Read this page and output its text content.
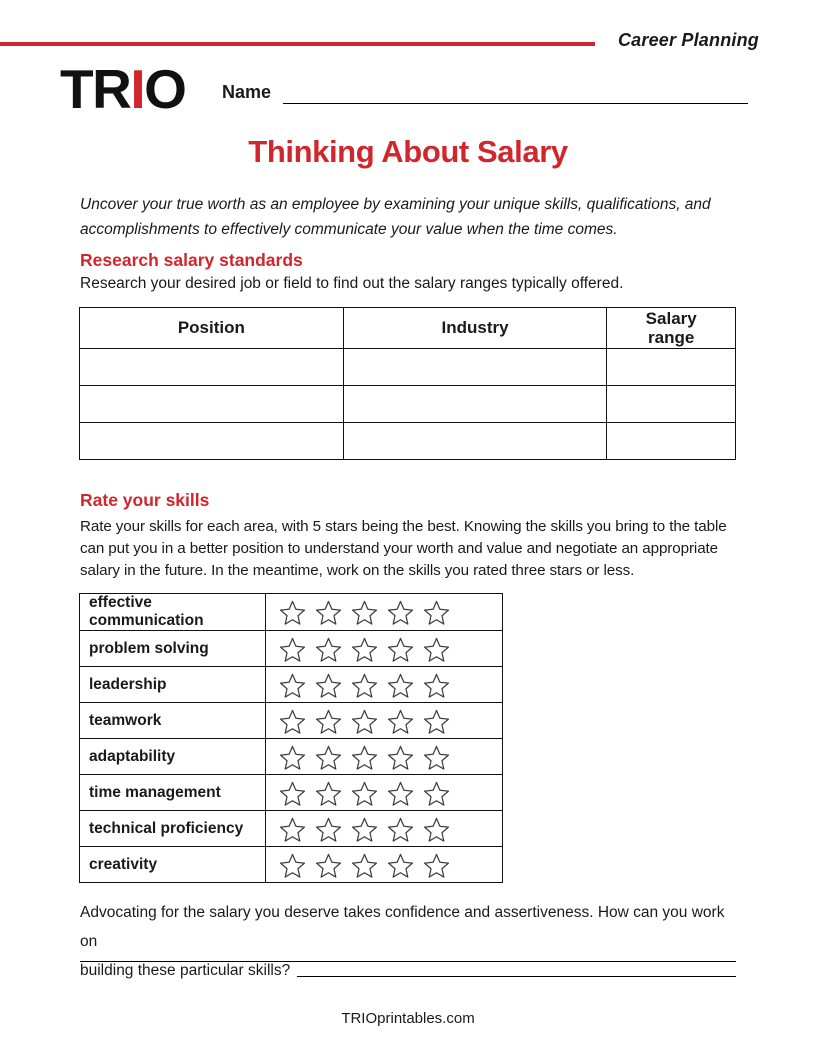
Career Planning
TRIO Name
Thinking About Salary
Uncover your true worth as an employee by examining your unique skills, qualifications, and accomplishments to effectively communicate your value when the time comes.
Research salary standards
Research your desired job or field to find out the salary ranges typically offered.
Position	Industry	Salary range

Rate your skills
Rate your skills for each area, with 5 stars being the best. Knowing the skills you bring to the table can put you in a better position to understand your worth and value and negotiate an appropriate salary in the future. In the meantime, work on the skills you rated three stars or less.
effective communication	
problem solving	
leadership	
teamwork	
adaptability	
time management	
technical proficiency	
creativity	
Advocating for the salary you deserve takes confidence and assertiveness. How can you work on
building these particular skills?
TRIOprintables.com
